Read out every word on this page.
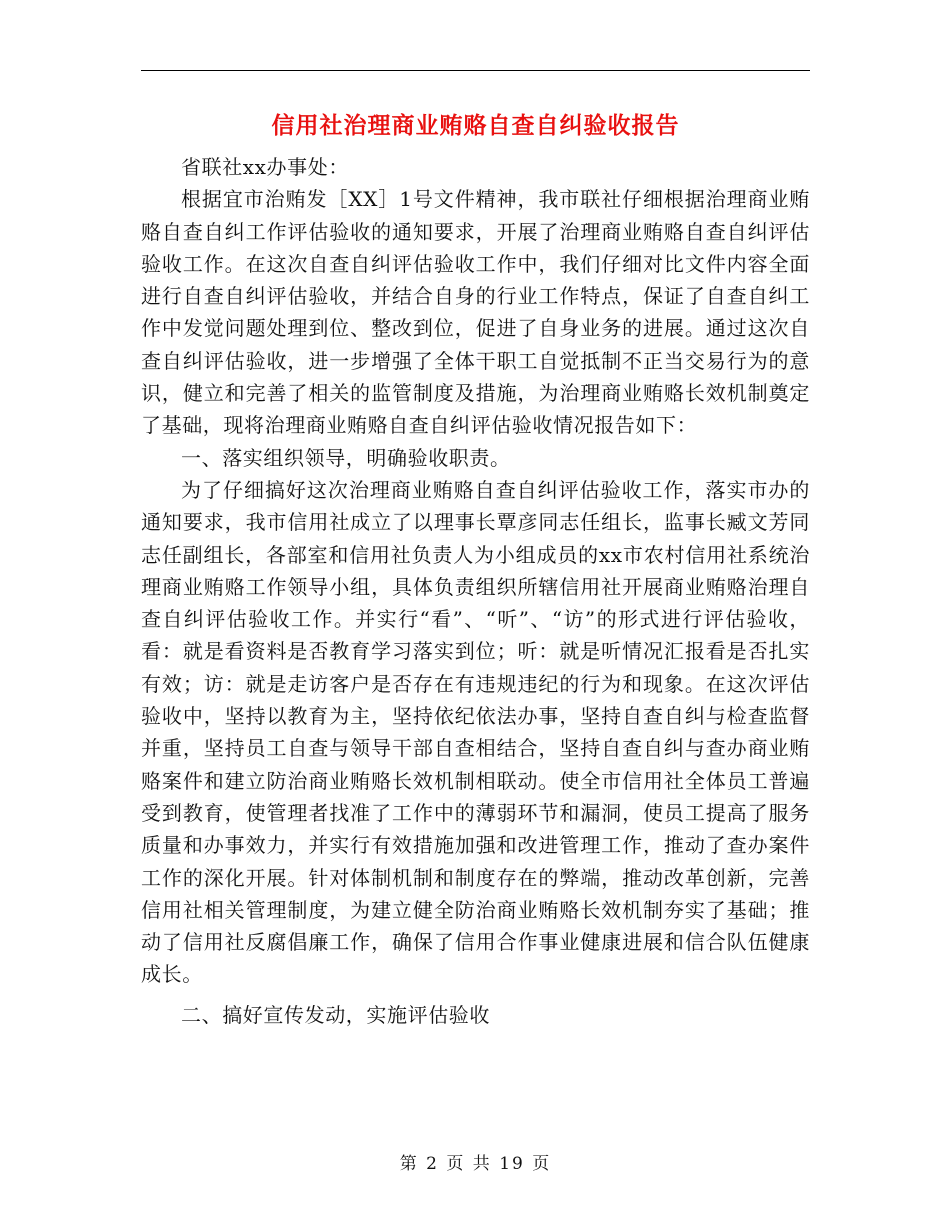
信用社治理商业贿赂自查自纠验收报告

省联社xx办事处：

根据宜市治贿发［XX］1号文件精神，我市联社仔细根据治理商业贿赂自查自纠工作评估验收的通知要求，开展了治理商业贿赂自查自纠评估验收工作。在这次自查自纠评估验收工作中，我们仔细对比文件内容全面进行自查自纠评估验收，并结合自身的行业工作特点，保证了自查自纠工作中发觉问题处理到位、整改到位，促进了自身业务的进展。通过这次自查自纠评估验收，进一步增强了全体干职工自觉抵制不正当交易行为的意识，健立和完善了相关的监管制度及措施，为治理商业贿赂长效机制奠定了基础，现将治理商业贿赂自查自纠评估验收情况报告如下：

一、落实组织领导，明确验收职责。

为了仔细搞好这次治理商业贿赂自查自纠评估验收工作，落实市办的通知要求，我市信用社成立了以理事长覃彦同志任组长，监事长臧文芳同志任副组长，各部室和信用社负责人为小组成员的xx市农村信用社系统治理商业贿赂工作领导小组，具体负责组织所辖信用社开展商业贿赂治理自查自纠评估验收工作。并实行“看”、“听”、“访”的形式进行评估验收，看：就是看资料是否教育学习落实到位；听：就是听情况汇报看是否扎实有效；访：就是走访客户是否存在有违规违纪的行为和现象。在这次评估验收中，坚持以教育为主，坚持依纪依法办事，坚持自查自纠与检查监督并重，坚持员工自查与领导干部自查相结合，坚持自查自纠与查办商业贿赂案件和建立防治商业贿赂长效机制相联动。使全市信用社全体员工普遍受到教育，使管理者找准了工作中的薄弱环节和漏洞，使员工提高了服务质量和办事效力，并实行有效措施加强和改进管理工作，推动了查办案件工作的深化开展。针对体制机制和制度存在的弊端，推动改革创新，完善信用社相关管理制度，为建立健全防治商业贿赂长效机制夯实了基础；推动了信用社反腐倡廉工作，确保了信用合作事业健康进展和信合队伍健康成长。

二、搞好宣传发动，实施评估验收

第 2 页 共 19 页
